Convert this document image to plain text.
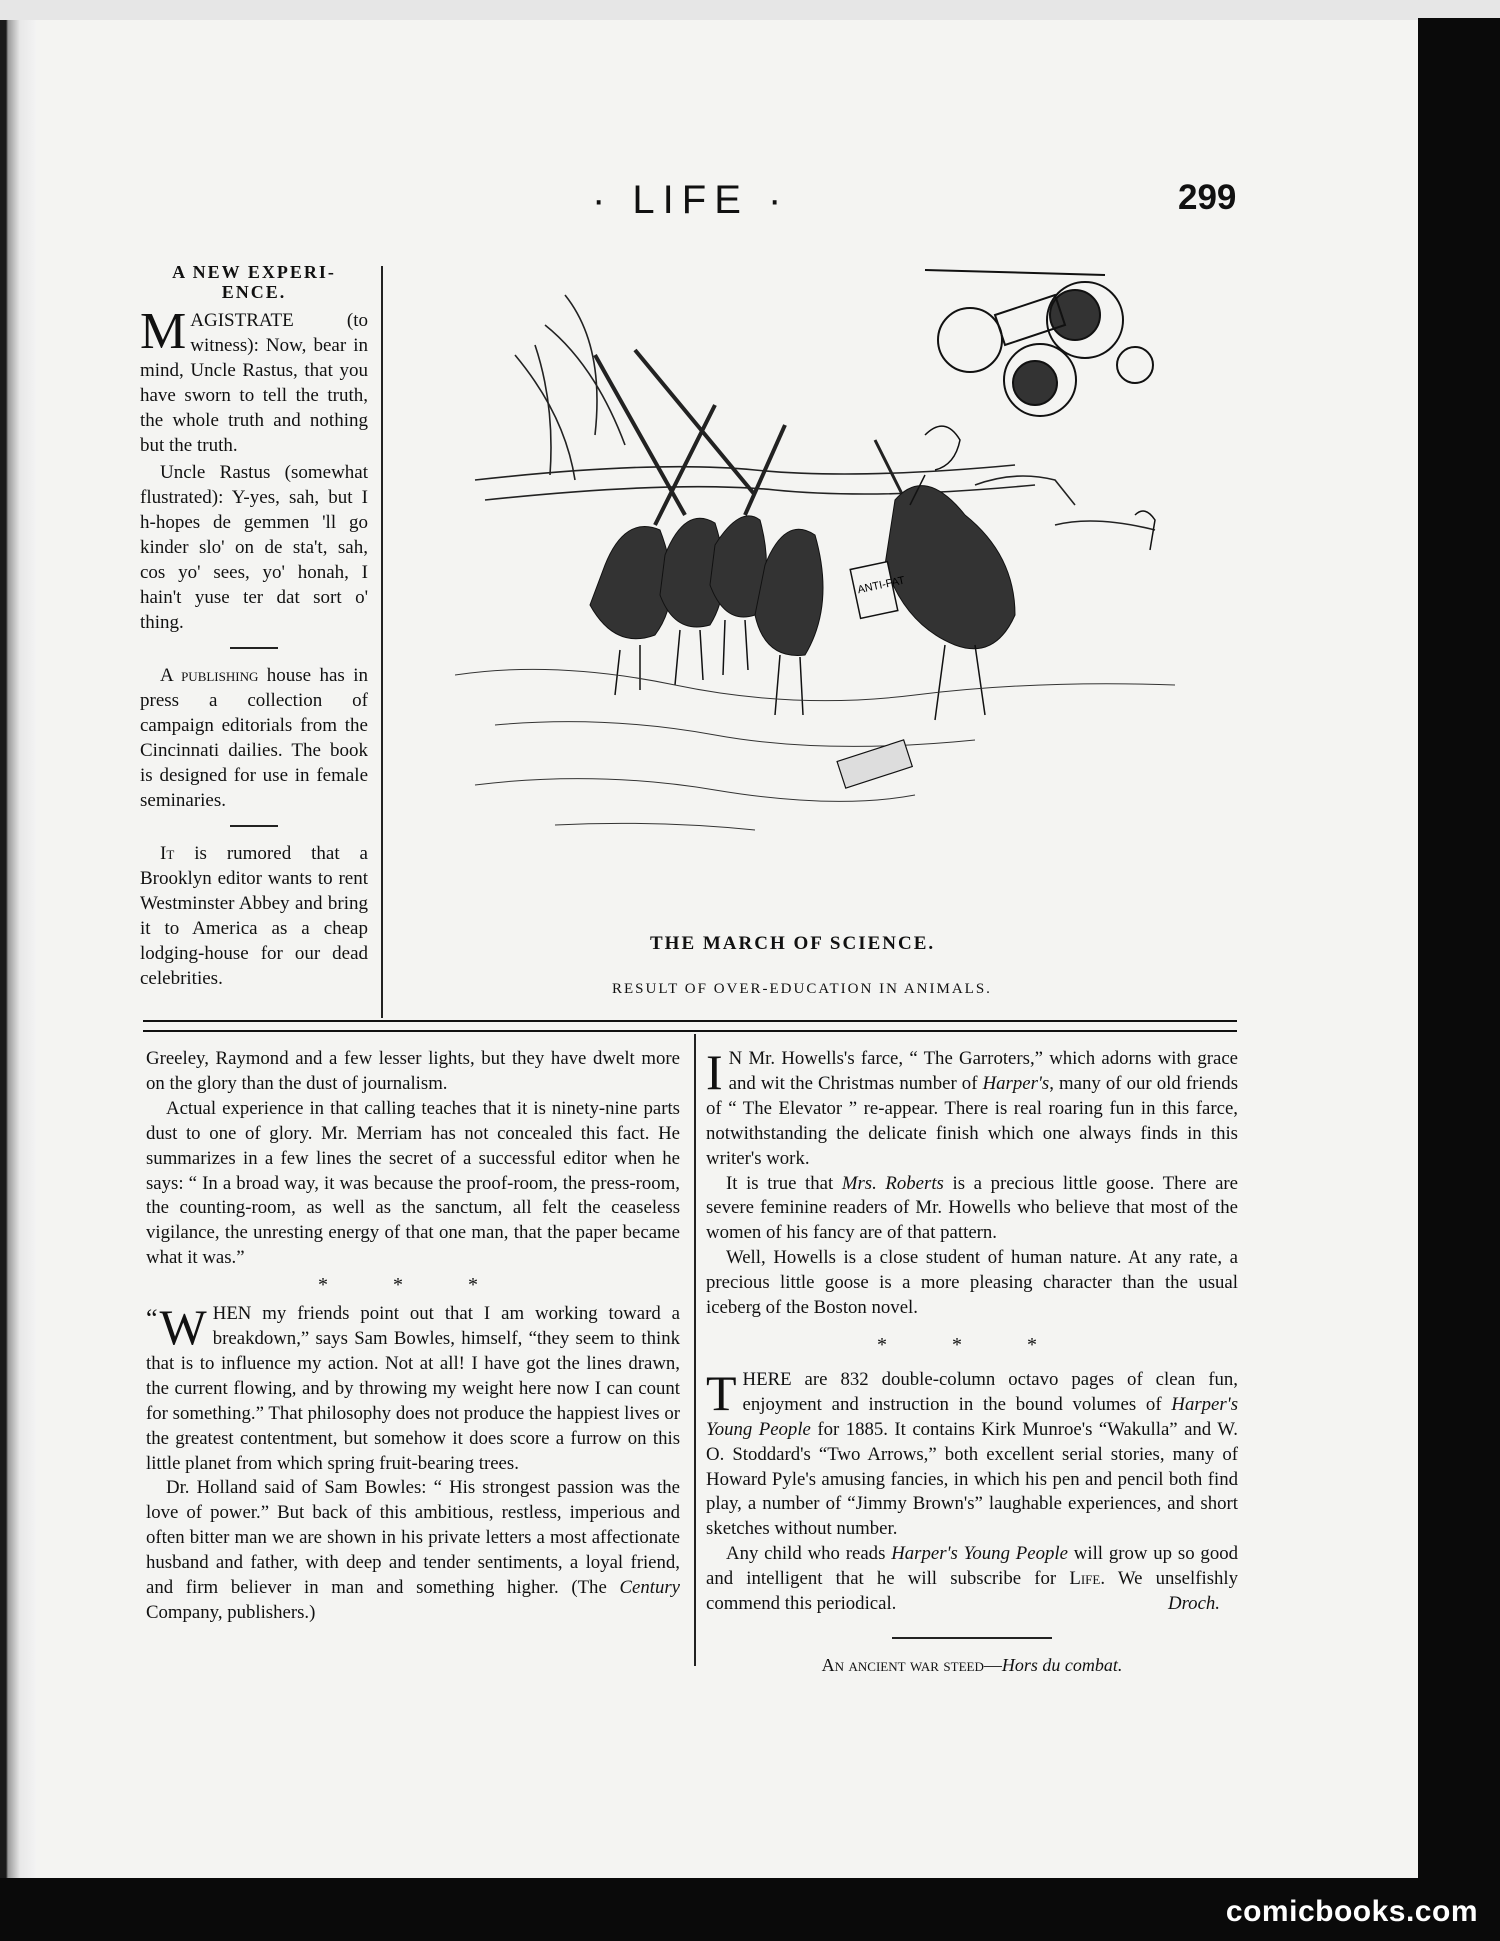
· LIFE ·	299
A NEW EXPERI-
ENCE.

MAGISTRATE (to witness): Now, bear in mind, Uncle Rastus, that you have sworn to tell the truth, the whole truth and nothing but the truth.

Uncle Rastus (somewhat flustrated): Y-yes, sah, but I h-hopes de gemmen 'll go kinder slo' on de sta't, sah, cos yo' sees, yo' honah, I hain't yuse ter dat sort o' thing.

A publishing house has in press a collection of campaign editorials from the Cincinnati dailies. The book is designed for use in female seminaries.

It is rumored that a Brooklyn editor wants to rent Westminster Abbey and bring it to America as a cheap lodging-house for our dead celebrities.

ANTI-FAT
THE MARCH OF SCIENCE.
RESULT OF OVER-EDUCATION IN ANIMALS.

Greeley, Raymond and a few lesser lights, but they have dwelt more on the glory than the dust of journalism.

Actual experience in that calling teaches that it is ninety-nine parts dust to one of glory. Mr. Merriam has not concealed this fact. He summarizes in a few lines the secret of a successful editor when he says: “ In a broad way, it was because the proof-room, the press-room, the counting-room, as well as the sanctum, all felt the ceaseless vigilance, the unresting energy of that one man, that the paper became what it was.”

* * *

“ W HEN my friends point out that I am working toward a breakdown,” says Sam Bowles, himself, “they seem to think that is to influence my action. Not at all! I have got the lines drawn, the current flowing, and by throwing my weight here now I can count for something.” That philosophy does not produce the happiest lives or the greatest contentment, but somehow it does score a furrow on this little planet from which spring fruit-bearing trees.

Dr. Holland said of Sam Bowles: “ His strongest passion was the love of power.” But back of this ambitious, restless, imperious and often bitter man we are shown in his private letters a most affectionate husband and father, with deep and tender sentiments, a loyal friend, and firm believer in man and something higher. (The Century Company, publishers.)

I N Mr. Howells's farce, “ The Garroters,” which adorns with grace and wit the Christmas number of Harper's, many of our old friends of “ The Elevator ” re-appear. There is real roaring fun in this farce, notwithstanding the delicate finish which one always finds in this writer's work.

It is true that Mrs. Roberts is a precious little goose. There are severe feminine readers of Mr. Howells who believe that most of the women of his fancy are of that pattern.

Well, Howells is a close student of human nature. At any rate, a precious little goose is a more pleasing character than the usual iceberg of the Boston novel.

* * *

THERE are 832 double-column octavo pages of clean fun, enjoyment and instruction in the bound volumes of Harper's Young People for 1885. It contains Kirk Munroe's “Wakulla” and W. O. Stoddard's “Two Arrows,” both excellent serial stories, many of Howard Pyle's amusing fancies, in which his pen and pencil both find play, a number of “Jimmy Brown's” laughable experiences, and short sketches without number.

Any child who reads Harper's Young People will grow up so good and intelligent that he will subscribe for Life. We unselfishly commend this periodical.	Droch.

An ancient war steed—Hors du combat.
comicbooks.com
